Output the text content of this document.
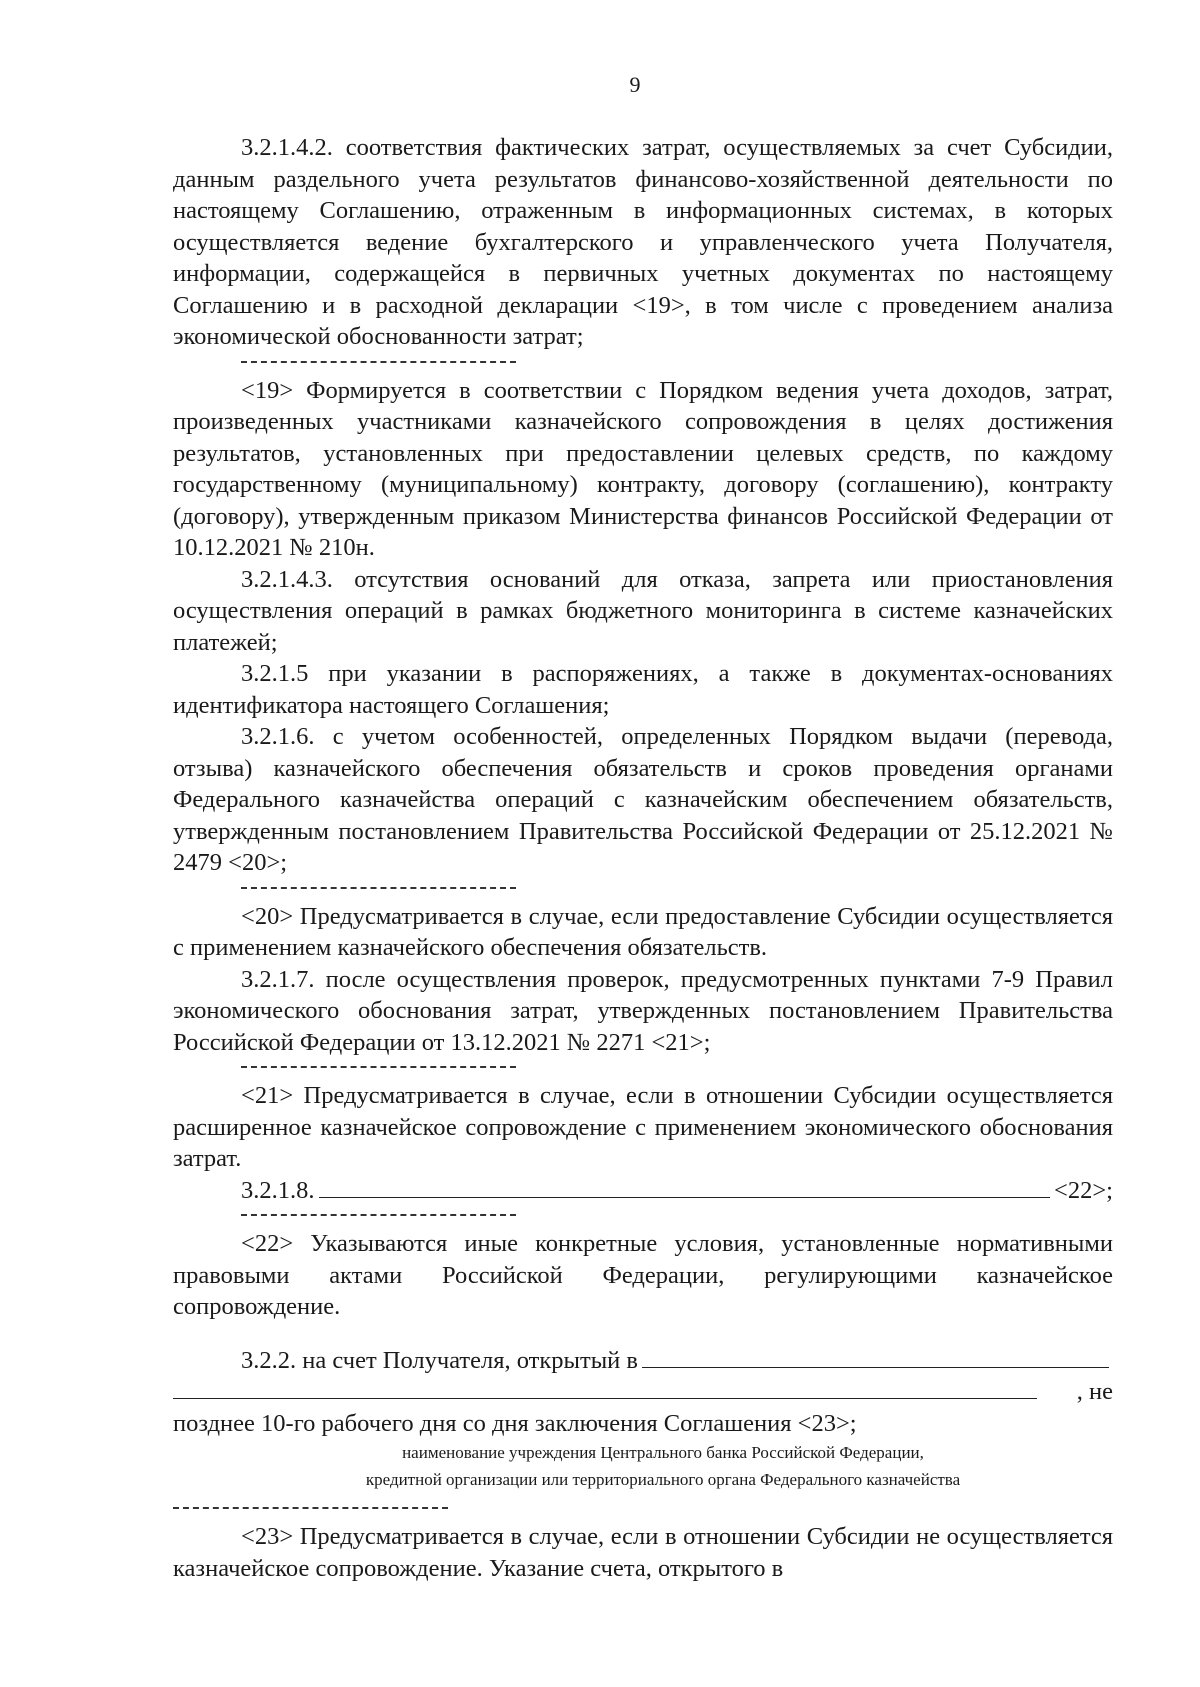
9

3.2.1.4.2. соответствия фактических затрат, осуществляемых за счет Субсидии, данным раздельного учета результатов финансово-хозяйственной деятельности по настоящему Соглашению, отраженным в информационных системах, в которых осуществляется ведение бухгалтерского и управленческого учета Получателя, информации, содержащейся в первичных учетных документах по настоящему Соглашению и в расходной декларации <19>, в том числе с проведением анализа экономической обоснованности затрат;

<19> Формируется в соответствии с Порядком ведения учета доходов, затрат, произведенных участниками казначейского сопровождения в целях достижения результатов, установленных при предоставлении целевых средств, по каждому государственному (муниципальному) контракту, договору (соглашению), контракту (договору), утвержденным приказом Министерства финансов Российской Федерации от 10.12.2021 № 210н.

3.2.1.4.3. отсутствия оснований для отказа, запрета или приостановления осуществления операций в рамках бюджетного мониторинга в системе казначейских платежей;

3.2.1.5 при указании в распоряжениях, а также в документах-основаниях идентификатора настоящего Соглашения;

3.2.1.6. с учетом особенностей, определенных Порядком выдачи (перевода, отзыва) казначейского обеспечения обязательств и сроков проведения органами Федерального казначейства операций с казначейским обеспечением обязательств, утвержденным постановлением Правительства Российской Федерации от 25.12.2021 № 2479 <20>;

<20> Предусматривается в случае, если предоставление Субсидии осуществляется с применением казначейского обеспечения обязательств.

3.2.1.7. после осуществления проверок, предусмотренных пунктами 7-9 Правил экономического обоснования затрат, утвержденных постановлением Правительства Российской Федерации от 13.12.2021 № 2271 <21>;

<21> Предусматривается в случае, если в отношении Субсидии осуществляется расширенное казначейское сопровождение с применением экономического обоснования затрат.

3.2.1.8.	<22>;

<22> Указываются иные конкретные условия, установленные нормативными правовыми актами Российской Федерации, регулирующими казначейское сопровождение.

3.2.2. на счет Получателя, открытый в
, не
позднее 10-го рабочего дня со дня заключения Соглашения <23>;
наименование учреждения Центрального банка Российской Федерации,
кредитной организации или территориального органа Федерального казначейства

<23> Предусматривается в случае, если в отношении Субсидии не осуществляется казначейское сопровождение. Указание счета, открытого в
